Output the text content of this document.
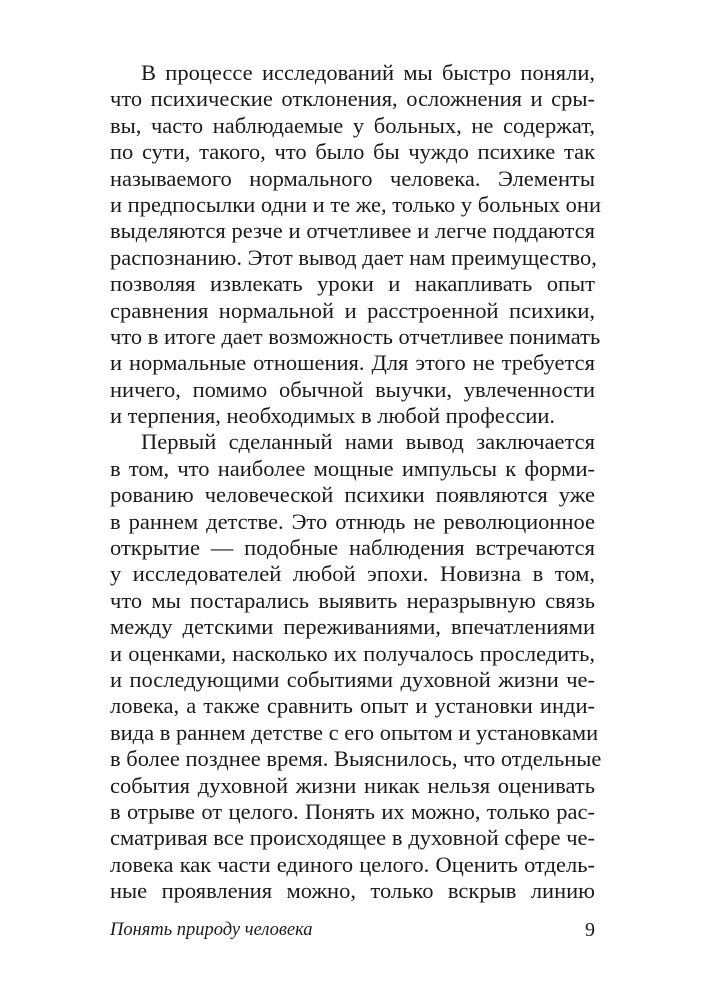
В процессе исследований мы быстро поняли,
что психические отклонения, осложнения и сры-
вы, часто наблюдаемые у больных, не содержат,
по сути, такого, что было бы чуждо психике так
называемого нормального человека. Элементы
и предпосылки одни и те же, только у больных они
выделяются резче и отчетливее и легче поддаются
распознанию. Этот вывод дает нам преимущество,
позволяя извлекать уроки и накапливать опыт
сравнения нормальной и расстроенной психики,
что в итоге дает возможность отчетливее понимать
и нормальные отношения. Для этого не требуется
ничего, помимо обычной выучки, увлеченности
и терпения, необходимых в любой профессии.
Первый сделанный нами вывод заключается
в том, что наиболее мощные импульсы к форми-
рованию человеческой психики появляются уже
в раннем детстве. Это отнюдь не революционное
открытие — подобные наблюдения встречаются
у исследователей любой эпохи. Новизна в том,
что мы постарались выявить неразрывную связь
между детскими переживаниями, впечатлениями
и оценками, насколько их получалось проследить,
и последующими событиями духовной жизни че-
ловека, а также сравнить опыт и установки инди-
вида в раннем детстве с его опытом и установками
в более позднее время. Выяснилось, что отдельные
события духовной жизни никак нельзя оценивать
в отрыве от целого. Понять их можно, только рас-
сматривая все происходящее в духовной сфере че-
ловека как части единого целого. Оценить отдель-
ные проявления можно, только вскрыв линию
Понять природу человека	9
